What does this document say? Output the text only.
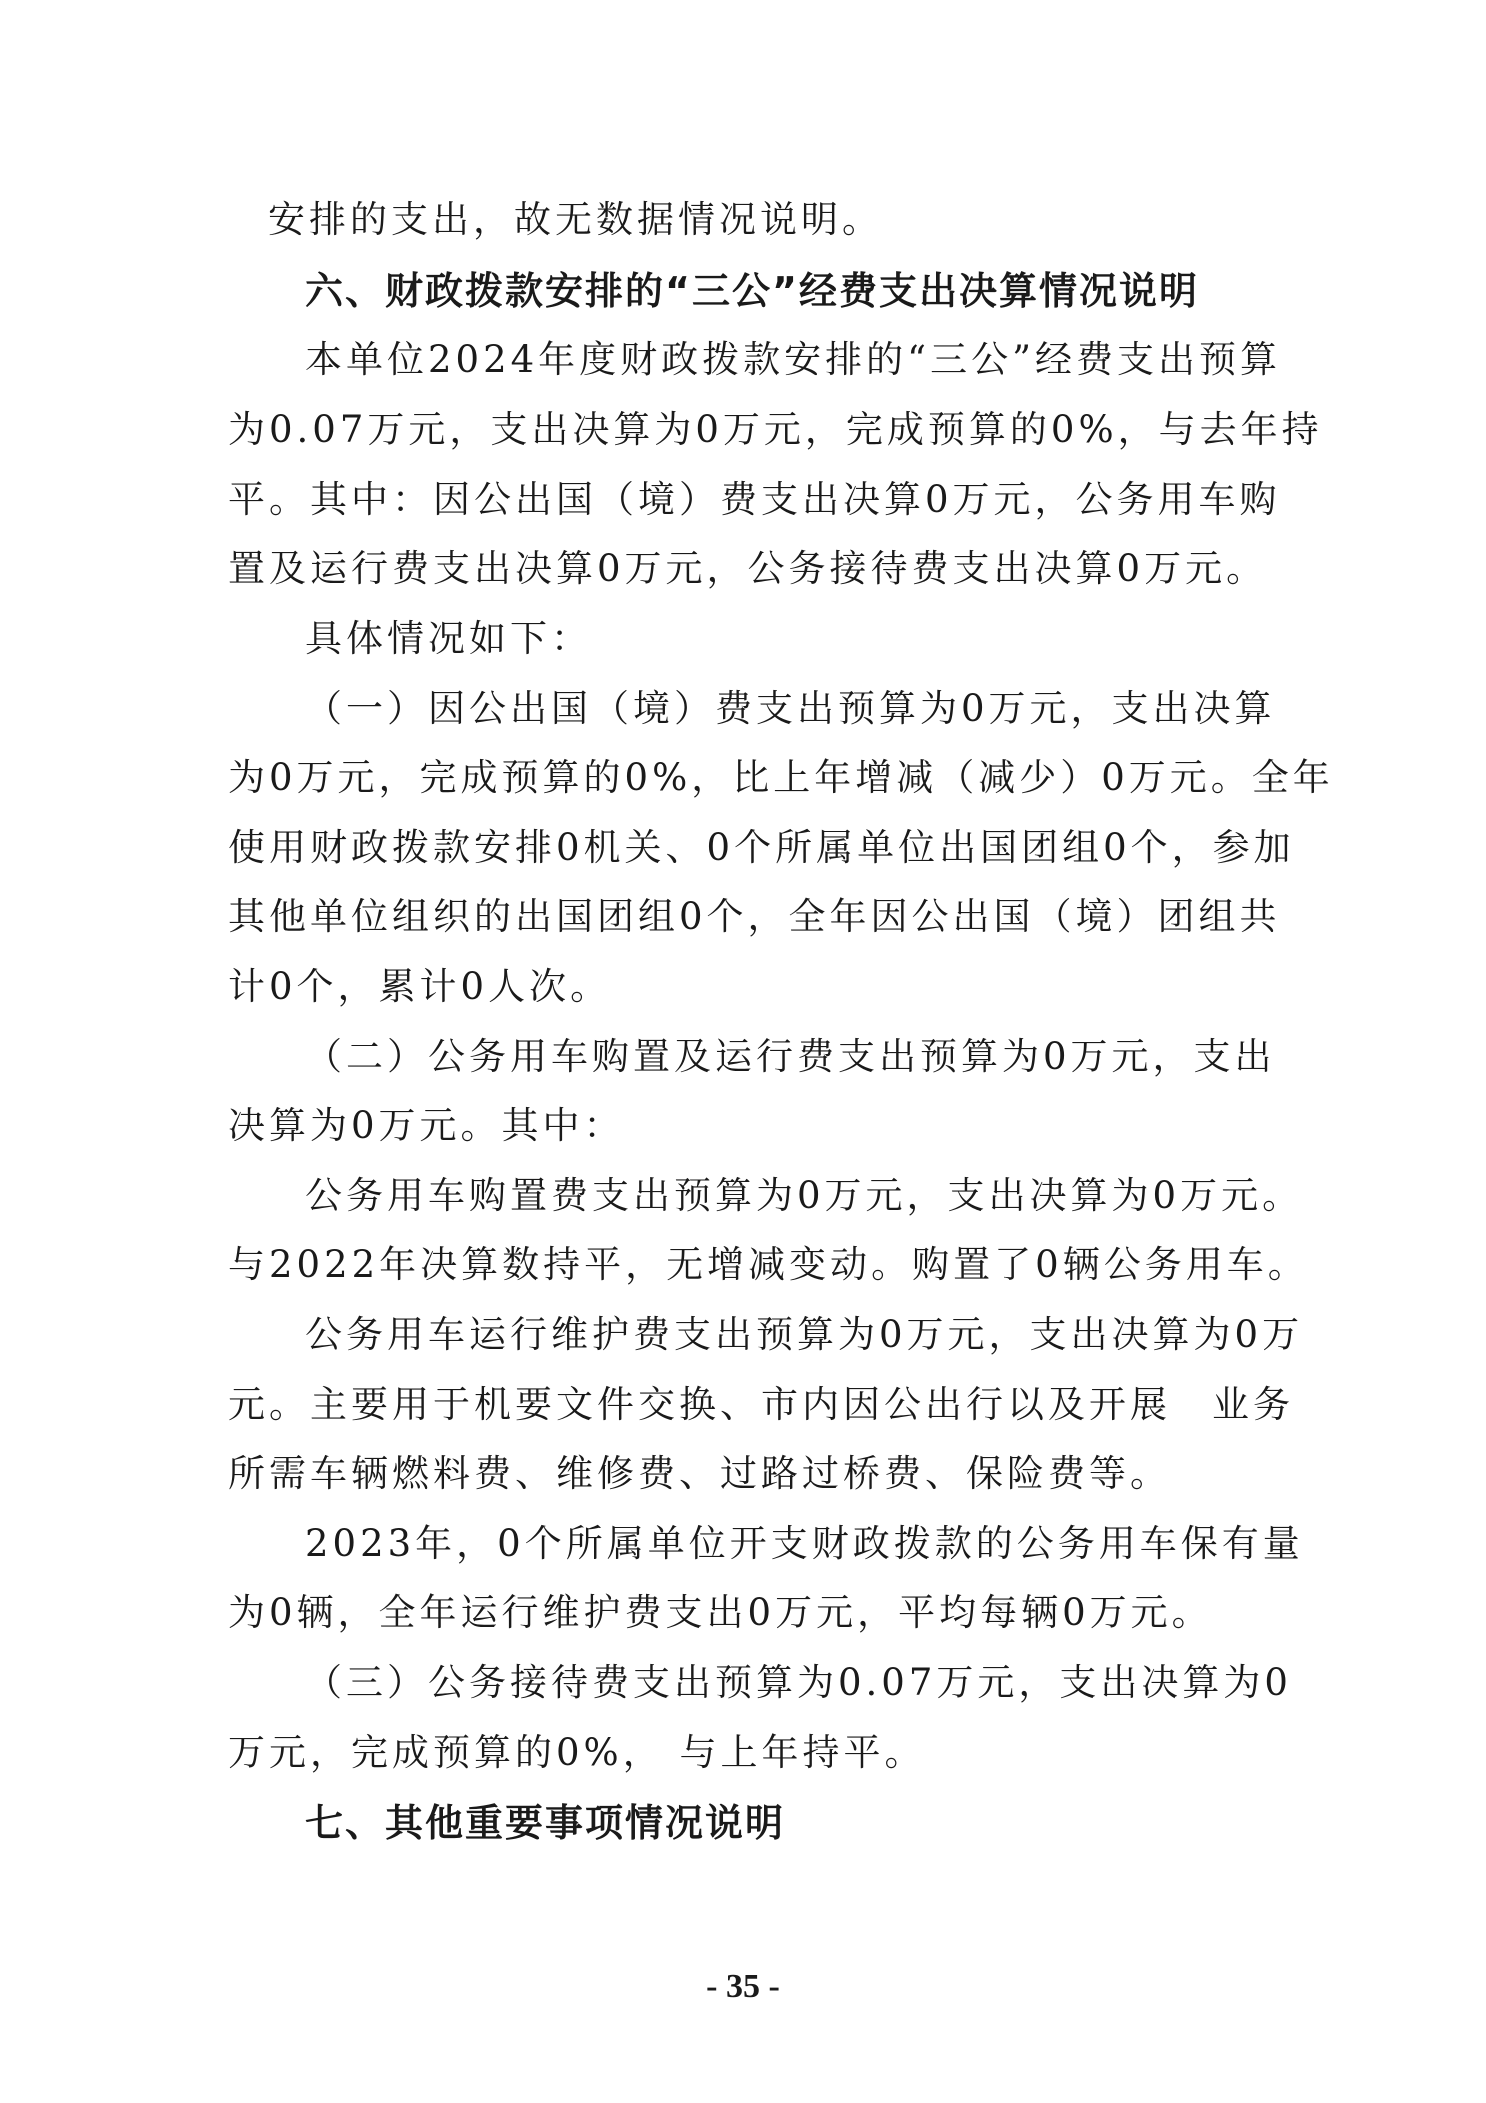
安排的支出，故无数据情况说明。
六、财政拨款安排的“三公”经费支出决算情况说明
本单位2024年度财政拨款安排的“三公”经费支出预算
为0.07万元，支出决算为0万元，完成预算的0%，与去年持
平。其中：因公出国（境）费支出决算0万元，公务用车购
置及运行费支出决算0万元，公务接待费支出决算0万元。
具体情况如下：
（一）因公出国（境）费支出预算为0万元，支出决算
为0万元，完成预算的0%，比上年增减（减少）0万元。全年
使用财政拨款安排0机关、0个所属单位出国团组0个，参加
其他单位组织的出国团组0个，全年因公出国（境）团组共
计0个，累计0人次。
（二）公务用车购置及运行费支出预算为0万元，支出
决算为0万元。其中：
公务用车购置费支出预算为0万元，支出决算为0万元。
与2022年决算数持平，无增减变动。购置了0辆公务用车。
公务用车运行维护费支出预算为0万元，支出决算为0万
元。主要用于机要文件交换、市内因公出行以及开展　业务
所需车辆燃料费、维修费、过路过桥费、保险费等。
2023年，0个所属单位开支财政拨款的公务用车保有量
为0辆，全年运行维护费支出0万元，平均每辆0万元。
（三）公务接待费支出预算为0.07万元，支出决算为0
万元，完成预算的0%， 与上年持平。
七、其他重要事项情况说明
- 35 -
